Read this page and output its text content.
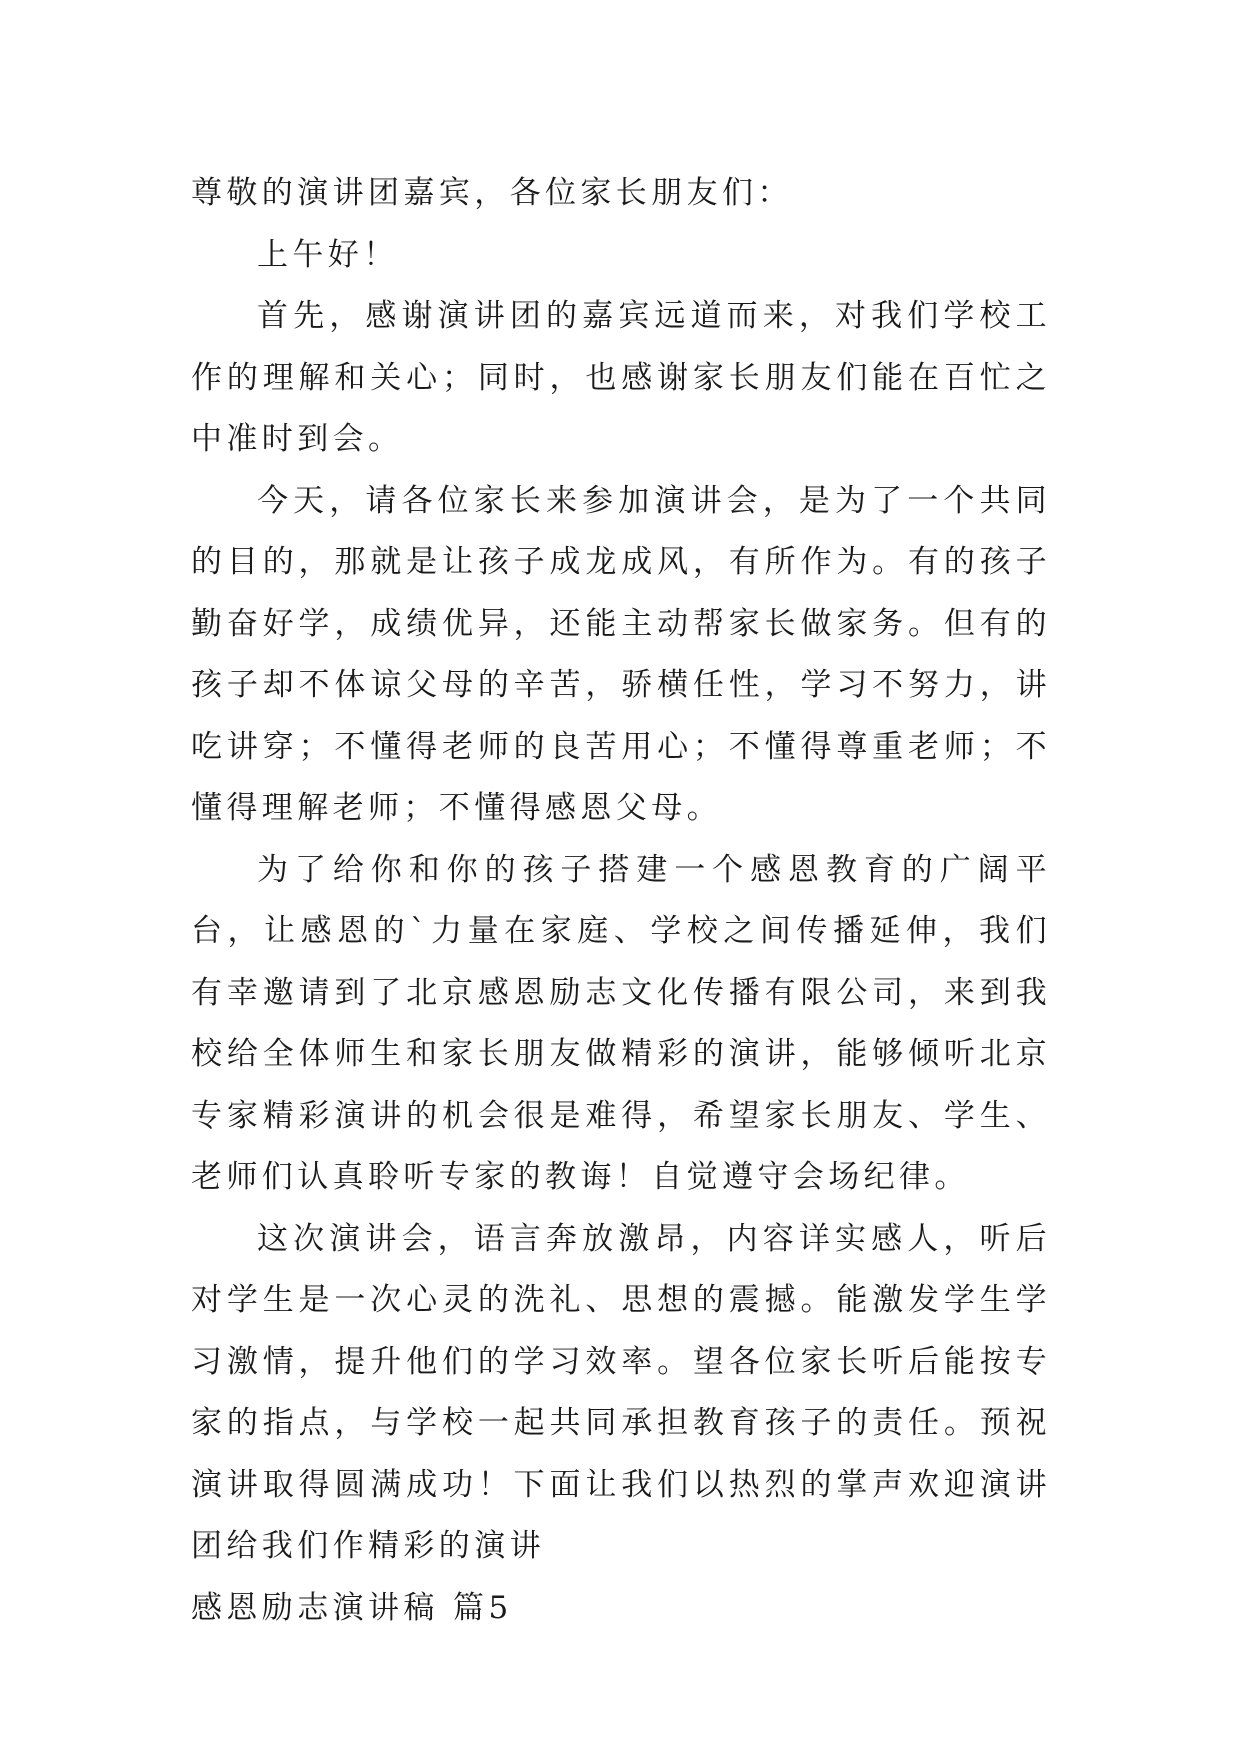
尊敬的演讲团嘉宾，各位家长朋友们：

上午好！

首先，感谢演讲团的嘉宾远道而来，对我们学校工作的理解和关心；同时，也感谢家长朋友们能在百忙之中准时到会。

今天，请各位家长来参加演讲会，是为了一个共同的目的，那就是让孩子成龙成风，有所作为。有的孩子勤奋好学，成绩优异，还能主动帮家长做家务。但有的孩子却不体谅父母的辛苦，骄横任性，学习不努力，讲吃讲穿；不懂得老师的良苦用心；不懂得尊重老师；不懂得理解老师；不懂得感恩父母。

为了给你和你的孩子搭建一个感恩教育的广阔平台，让感恩的`力量在家庭、学校之间传播延伸，我们有幸邀请到了北京感恩励志文化传播有限公司，来到我校给全体师生和家长朋友做精彩的演讲，能够倾听北京专家精彩演讲的机会很是难得，希望家长朋友、学生、老师们认真聆听专家的教诲！自觉遵守会场纪律。

这次演讲会，语言奔放激昂，内容详实感人，听后对学生是一次心灵的洗礼、思想的震撼。能激发学生学习激情，提升他们的学习效率。望各位家长听后能按专家的指点，与学校一起共同承担教育孩子的责任。预祝演讲取得圆满成功！下面让我们以热烈的掌声欢迎演讲团给我们作精彩的演讲

感恩励志演讲稿 篇5
